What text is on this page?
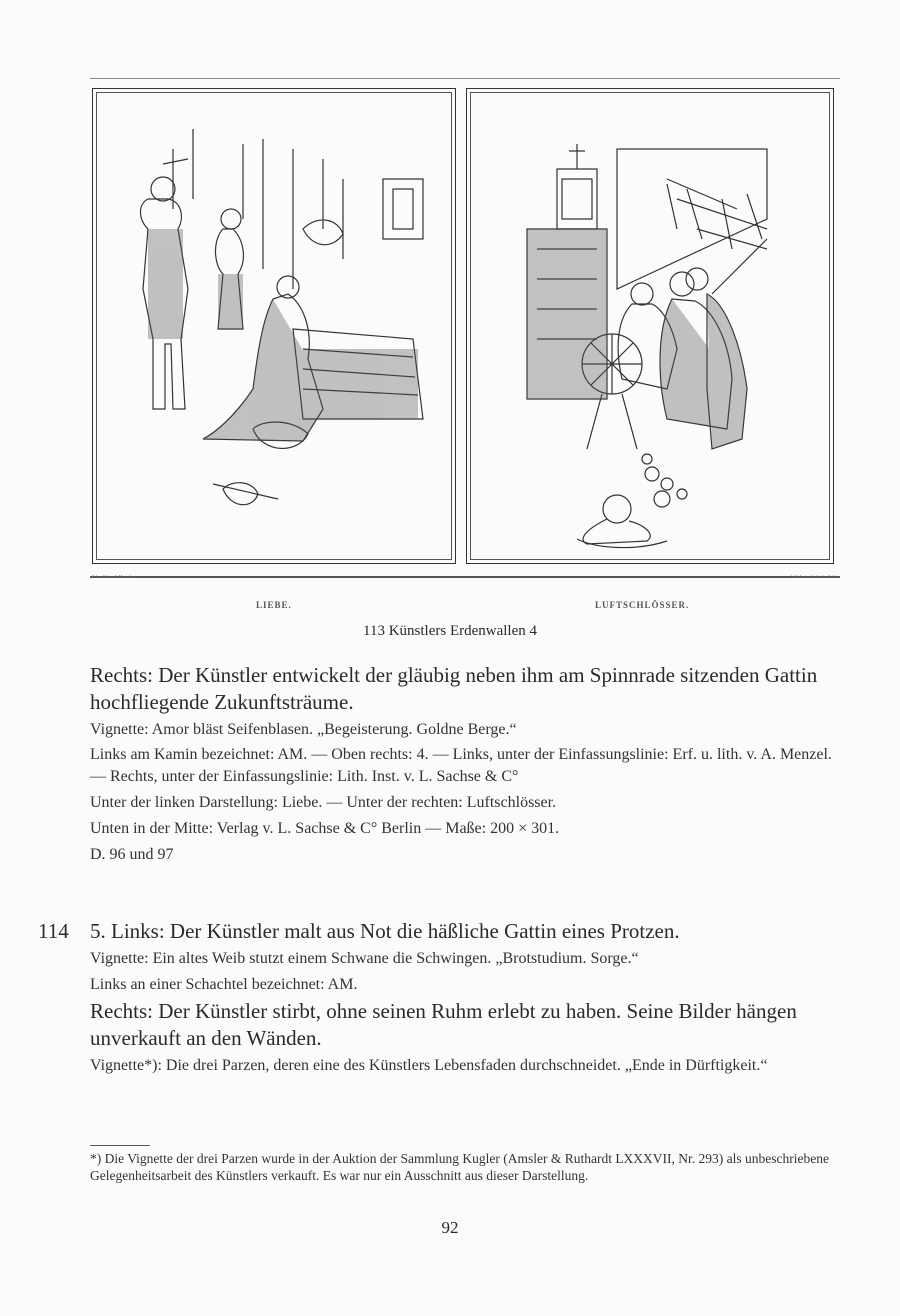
Erf. u. lith. v. A. Menzel.	Lith. Inst. v. L. Sachse & Co.
LIEBE.	LUFTSCHLÖSSER.
113 Künstlers Erdenwallen 4

Rechts: Der Künstler entwickelt der gläubig neben ihm am Spinnrade sitzenden Gattin hochfliegende Zukunftsträume.

Vignette: Amor bläst Seifenblasen. „Begeisterung. Goldne Berge.“

Links am Kamin bezeichnet: AM. — Oben rechts: 4. — Links, unter der Einfassungslinie: Erf. u. lith. v. A. Menzel. — Rechts, unter der Einfassungslinie: Lith. Inst. v. L. Sachse & C°

Unter der linken Darstellung: Liebe. — Unter der rechten: Luftschlösser.

Unten in der Mitte: Verlag v. L. Sachse & C° Berlin — Maße: 200 × 301.

D. 96 und 97

114 5. Links: Der Künstler malt aus Not die häßliche Gattin eines Protzen.

Vignette: Ein altes Weib stutzt einem Schwane die Schwingen. „Brotstudium. Sorge.“

Links an einer Schachtel bezeichnet: AM.

Rechts: Der Künstler stirbt, ohne seinen Ruhm erlebt zu haben. Seine Bilder hängen unverkauft an den Wänden.

Vignette*): Die drei Parzen, deren eine des Künstlers Lebensfaden durchschneidet. „Ende in Dürftigkeit.“

*) Die Vignette der drei Parzen wurde in der Auktion der Sammlung Kugler (Amsler & Ruthardt LXXXVII, Nr. 293) als unbeschriebene Gelegenheitsarbeit des Künstlers verkauft. Es war nur ein Ausschnitt aus dieser Darstellung.
92
